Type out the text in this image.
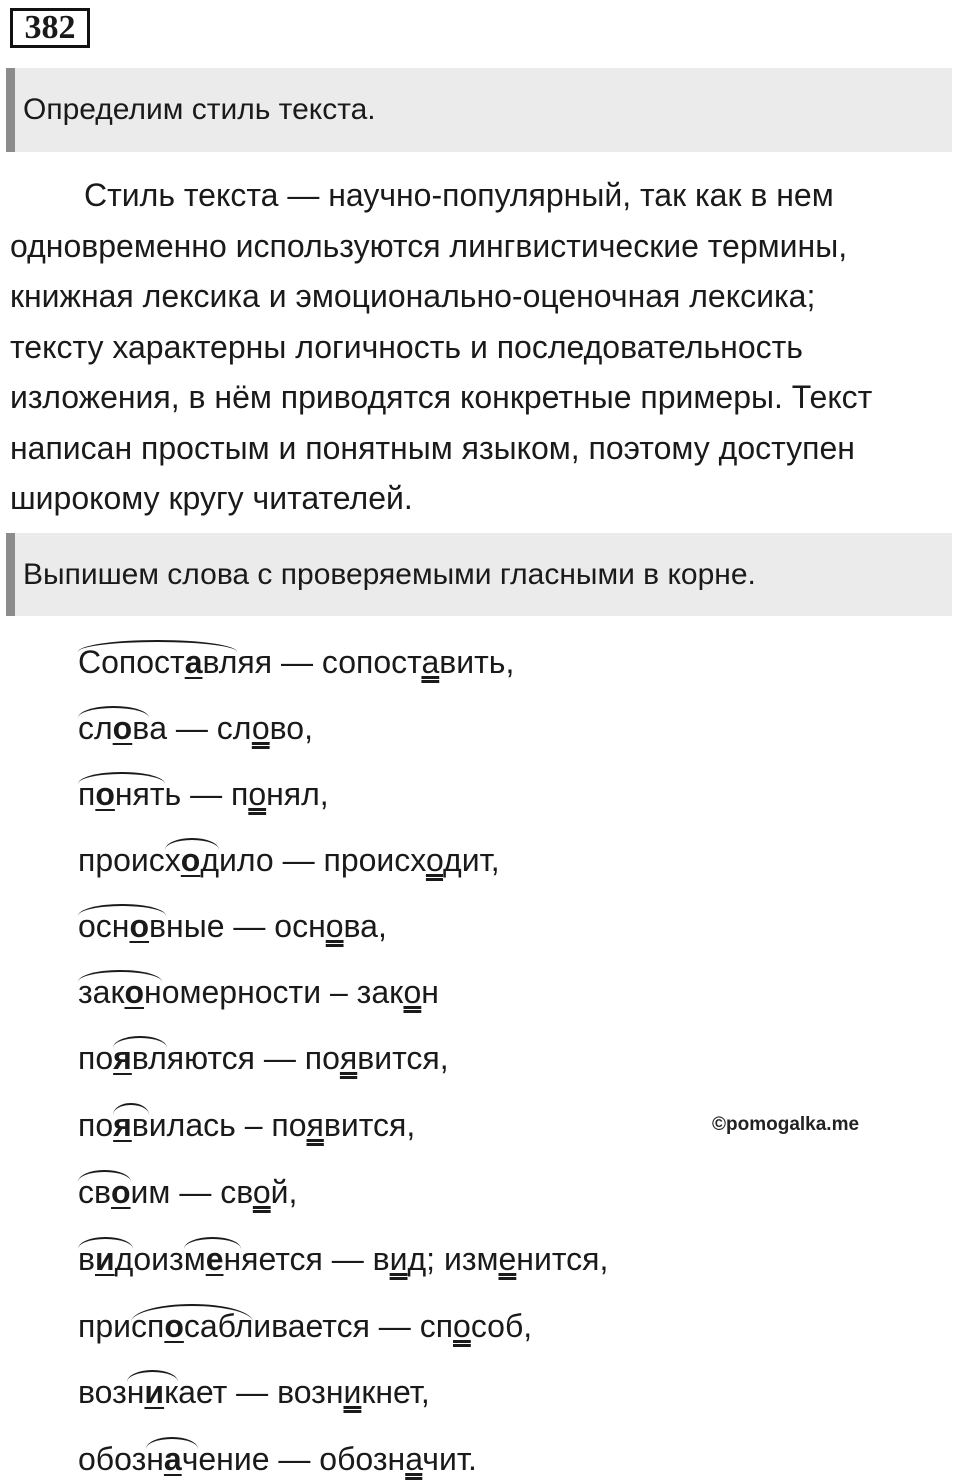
382
Определим стиль текста.
Стиль текста — научно-популярный, так как в нем
одновременно используются лингвистические термины,
книжная лексика и эмоционально-оценочная лексика;
тексту характерны логичность и последовательность
изложения, в нём приводятся конкретные примеры. Текст
написан простым и понятным языком, поэтому доступен
широкому кругу читателей.
Выпишем слова с проверяемыми гласными в корне.
Сопоставляя — сопоставить,
слова — слово,
понять — понял,
происходило — происходит,
основные — основа,
закономерности – закон
появляются — появится,
появилась – появится,	©pomogalka.me
своим — свой,
видоизменяется — вид; изменится,
приспосабливается — способ,
возникает — возникнет,
обозначение — обозначит.
